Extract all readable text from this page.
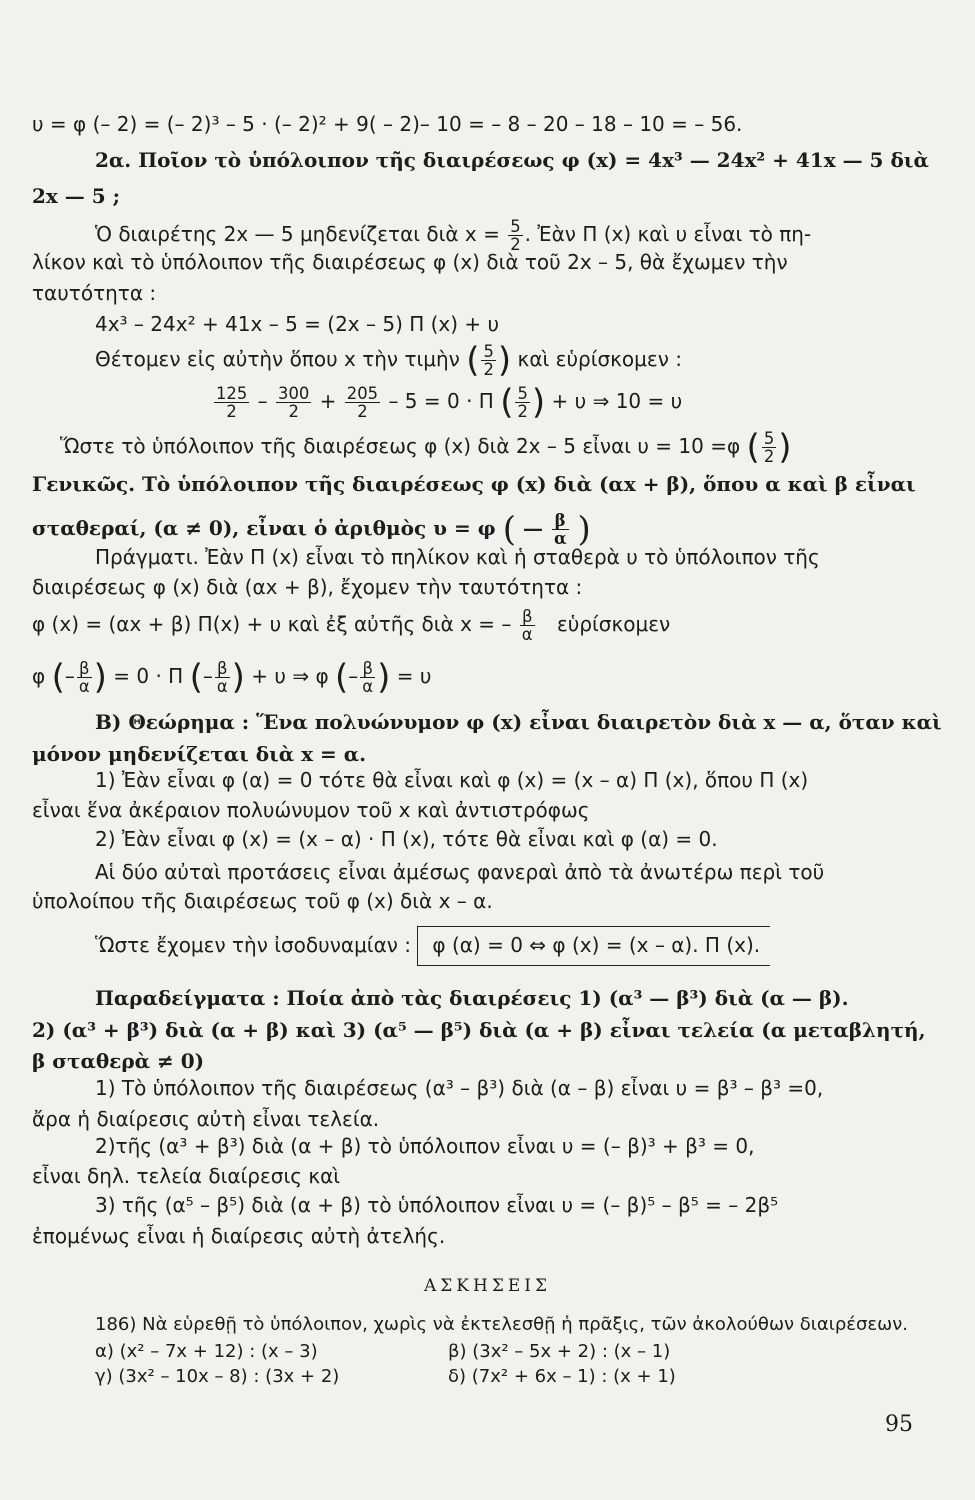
υ = φ (– 2) = (– 2)³ – 5 · (– 2)² + 9( – 2)– 10 = – 8 – 20 – 18 – 10 = – 56.
2α. Ποῖον τὸ ὑπόλοιπον τῆς διαιρέσεως φ (x) = 4x³ — 24x² + 41x — 5 διὰ
2x — 5 ;
Ὁ διαιρέτης 2x — 5 μηδενίζεται διὰ $x = \frac{5}{2}$ . Ἐὰν Π (x) καὶ υ εἶναι τὸ πη-
λίκον καὶ τὸ ὑπόλοιπον τῆς διαιρέσεως φ (x) διὰ τοῦ 2x – 5, θὰ ἔχωμεν τὴν
ταυτότητα :
4x³ – 24x² + 41x – 5 = (2x – 5) Π (x) + υ
Θέτομεν εἰς αὐτὴν ὅπου x τὴν τιμὴν ( $\frac{5}{2}$ ) καὶ εὑρίσκομεν :
$\frac{125}{2} - \frac{300}{2} + \frac{205}{2} - 5 = 0 \cdot \Pi$ ( $\frac{5}{2}$ ) + υ ⇒ 10 = υ
Ὥστε τὸ ὑπόλοιπον τῆς διαιρέσεως φ (x) διὰ 2x – 5 εἶναι υ = 10 =φ ( $\frac{5}{2}$ )
Γενικῶς. Τὸ ὑπόλοιπον τῆς διαιρέσεως φ (x) διὰ (αx + β), ὅπου α καὶ β εἶναι
σταθεραί, (α ≠ 0), εἶναι ὁ ἀριθμὸς υ = φ ( — $\frac{\beta}{\alpha}$ )
Πράγματι. Ἐὰν Π (x) εἶναι τὸ πηλίκον καὶ ἡ σταθερὰ υ τὸ ὑπόλοιπον τῆς
διαιρέσεως φ (x) διὰ (αx + β), ἔχομεν τὴν ταυτότητα :
φ (x) = (αx + β) Π(x) + υ καὶ ἐξ αὐτῆς διὰ x = – $\frac{\beta}{\alpha}$ εὑρίσκομεν
φ (– $\frac{\beta}{\alpha}$ ) = 0 · Π (– $\frac{\beta}{\alpha}$ ) + υ ⇒ φ (– $\frac{\beta}{\alpha}$ ) = υ
Β) Θεώρημα : Ἕνα πολυώνυμον φ (x) εἶναι διαιρετὸν διὰ x — α, ὅταν καὶ
μόνον μηδενίζεται διὰ x = α.
1) Ἐὰν εἶναι φ (α) = 0 τότε θὰ εἶναι καὶ φ (x) = (x – α) Π (x), ὅπου Π (x)
εἶναι ἕνα ἀκέραιον πολυώνυμον τοῦ x καὶ ἀντιστρόφως
2) Ἐὰν εἶναι φ (x) = (x – α) · Π (x), τότε θὰ εἶναι καὶ φ (α) = 0.
Αἱ δύο αὐταὶ προτάσεις εἶναι ἀμέσως φανεραὶ ἀπὸ τὰ ἀνωτέρω περὶ τοῦ
ὑπολοίπου τῆς διαιρέσεως τοῦ φ (x) διὰ x – α.
Ὥστε ἔχομεν τὴν ἰσοδυναμίαν : φ (α) = 0 ⇔ φ (x) = (x – α). Π (x).
Παραδείγματα : Ποία ἀπὸ τὰς διαιρέσεις 1) (α³ — β³) διὰ (α — β).
2) (α³ + β³) διὰ (α + β) καὶ 3) (α⁵ — β⁵) διὰ (α + β) εἶναι τελεία (α μεταβλητή,
β σταθερὰ ≠ 0)
1) Τὸ ὑπόλοιπον τῆς διαιρέσεως (α³ – β³) διὰ (α – β) εἶναι υ = β³ – β³ =0,
ἄρα ἡ διαίρεσις αὐτὴ εἶναι τελεία.
2)τῆς (α³ + β³) διὰ (α + β) τὸ ὑπόλοιπον εἶναι υ = (– β)³ + β³ = 0,
εἶναι δηλ. τελεία διαίρεσις καὶ
3) τῆς (α⁵ – β⁵) διὰ (α + β) τὸ ὑπόλοιπον εἶναι υ = (– β)⁵ – β⁵ = – 2β⁵
ἐπομένως εἶναι ἡ διαίρεσις αὐτὴ ἀτελής.
ΑΣΚΗΣΕΙΣ
186) Νὰ εὑρεθῇ τὸ ὑπόλοιπον, χωρὶς νὰ ἐκτελεσθῇ ἡ πρᾶξις, τῶν ἀκολούθων διαιρέσεων.
α) (x² – 7x + 12) : (x – 3)	β) (3x² – 5x + 2) : (x – 1)
γ) (3x² – 10x – 8) : (3x + 2)	δ) (7x² + 6x – 1) : (x + 1)
95
